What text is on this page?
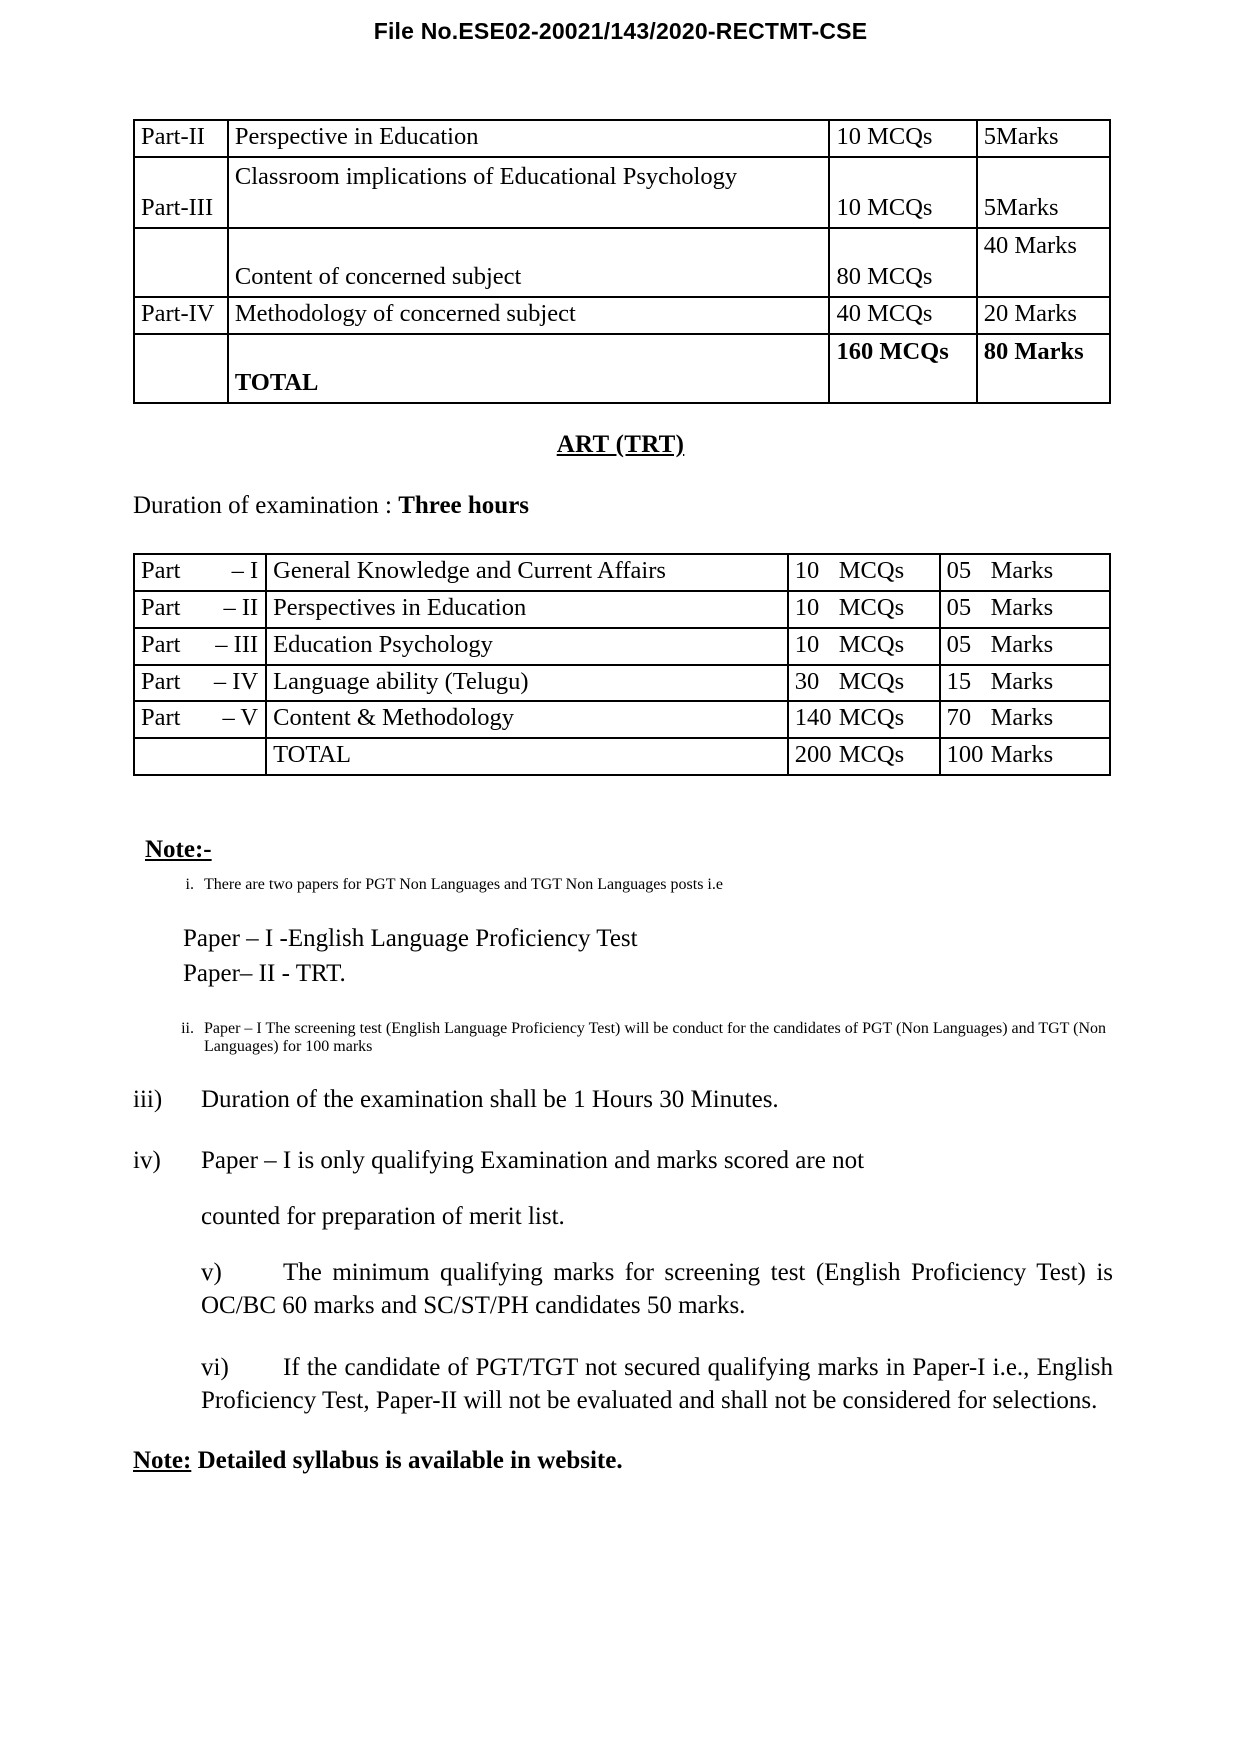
File No.ESE02-20021/143/2020-RECTMT-CSE
Part-II	Perspective in Education	10 MCQs	5Marks
Part-III	Classroom implications of Educational Psychology	10 MCQs	5Marks
	Content of concerned subject	80 MCQs	40 Marks
Part-IV	Methodology of concerned subject	40 MCQs	20 Marks
	TOTAL	160 MCQs	80 Marks
ART (TRT)
Duration of examination : Three hours
Part – I	General Knowledge and Current Affairs	10 MCQs	05 Marks

Part – II	Perspectives in Education	10 MCQs	05 Marks

Part – III	Education Psychology	10 MCQs	05 Marks

Part – IV	Language ability (Telugu)	30 MCQs	15 Marks

Part – V	Content & Methodology	140 MCQs	70 Marks

	TOTAL	200 MCQs	100 Marks
Note:-
i. There are two papers for PGT Non Languages and TGT Non Languages posts i.e
Paper – I -English Language Proficiency Test
Paper– II - TRT.
ii. Paper – I The screening test (English Language Proficiency Test) will be conduct for the candidates of PGT (Non Languages) and TGT (Non Languages) for 100 marks
iii)	Duration of the examination shall be 1 Hours 30 Minutes.
iv)	Paper – I is only qualifying Examination and marks scored are not
counted for preparation of merit list.
v) The minimum qualifying marks for screening test (English Proficiency Test) is OC/BC 60 marks and SC/ST/PH candidates 50 marks.
vi) If the candidate of PGT/TGT not secured qualifying marks in Paper-I i.e., English Proficiency Test, Paper-II will not be evaluated and shall not be considered for selections.
Note: Detailed syllabus is available in website.
